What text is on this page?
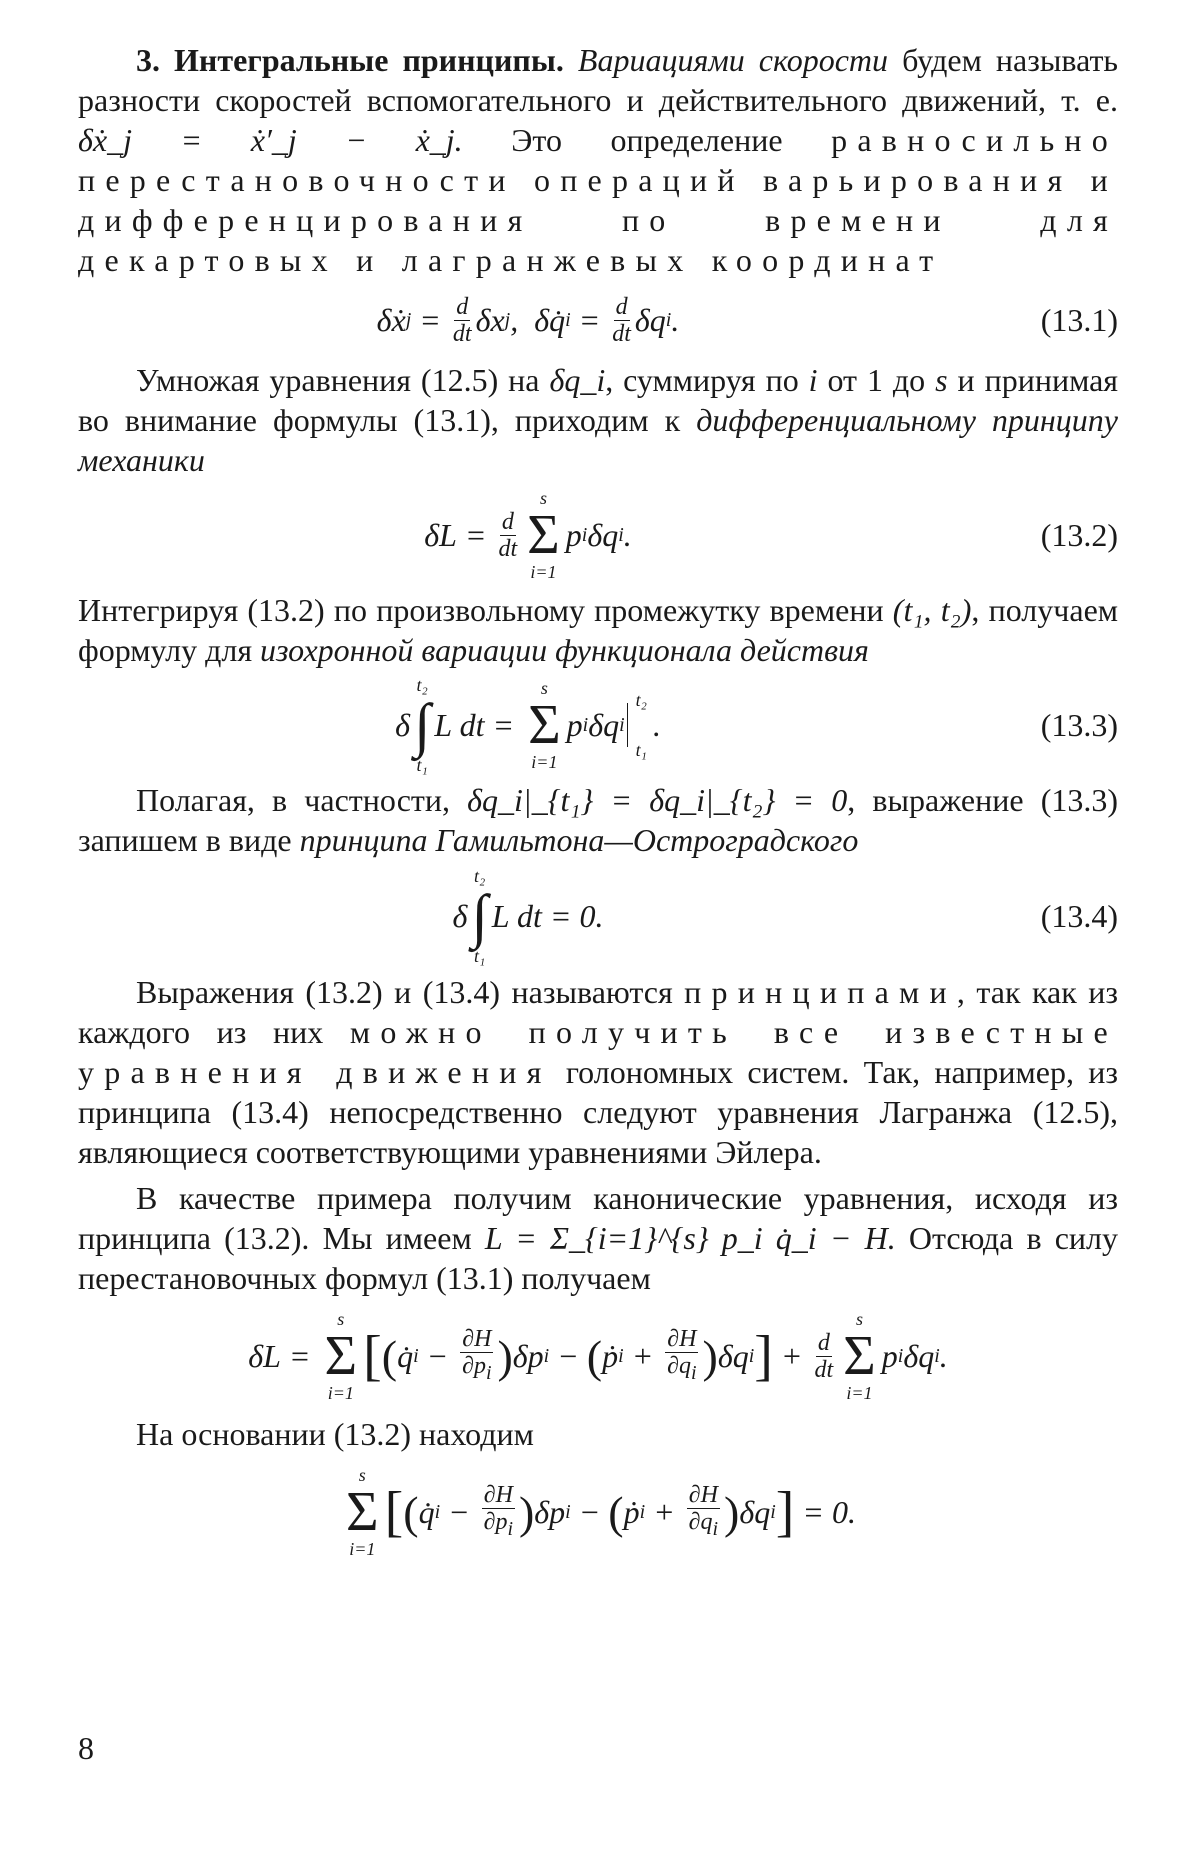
3. Интегральные принципы. Вариациями скорости будем называть разности скоростей вспомогательного и действительного движений, т. е. δẋ_j = ẋ′_j − ẋ_j. Это определение равносильно перестановочности операций варьирования и дифференцирования по времени для декартовых и лагранжевых координат

δ ẋ $j = \frac{d}{dt}$ δx j , δq̇ $i = \frac{d}{dt}$ δq i .	(13.1)

Умножая уравнения (12.5) на δq_i, суммируя по i от 1 до s и принимая во внимание формулы (13.1), приходим к дифференциальному принципу механики

$\delta L = \frac{d}{dt}$
s
Σ
i=1
p i δq i .	(13.2)

Интегрируя (13.2) по произвольному промежутку времени (t₁, t₂), получаем формулу для изохронной вариации функционала действия

δ
t₂
∫
t₁
L dt =
s
Σ
i=1
p i δq i
t₂

t₁
.	(13.3)

Полагая, в частности, δq_i|_{t₁} = δq_i|_{t₂} = 0, выражение (13.3) запишем в виде принципа Гамильтона—Остроградского

δ
t₂
∫
t₁
L dt = 0.	(13.4)

Выражения (13.2) и (13.4) называются принципами, так как из каждого из них можно получить все известные уравнения движения голономных систем. Так, например, из принципа (13.4) непосредственно следуют уравнения Лагранжа (12.5), являющиеся соответствующими уравнениями Эйлера.

В качестве примера получим канонические уравнения, исходя из принципа (13.2). Мы имеем L = Σ_{i=1}^{s} p_i q̇_i − H. Отсюда в силу перестановочных формул (13.1) получаем

δL =
s
Σ
i=1
[ ( q̇ $i - \frac{\partial H}{\partial p_i}$ ) δp i − ( ṗ $i + \frac{\partial H}{\partial q_i}$ ) δq i ] + $\frac{d}{dt}$
s
Σ
i=1
p i δq i .

На основании (13.2) находим

s
Σ
i=1
[ ( q̇ $i - \frac{\partial H}{\partial p_i}$ ) δp i − ( ṗ $i + \frac{\partial H}{\partial q_i}$ ) δq i ] = 0.
8
